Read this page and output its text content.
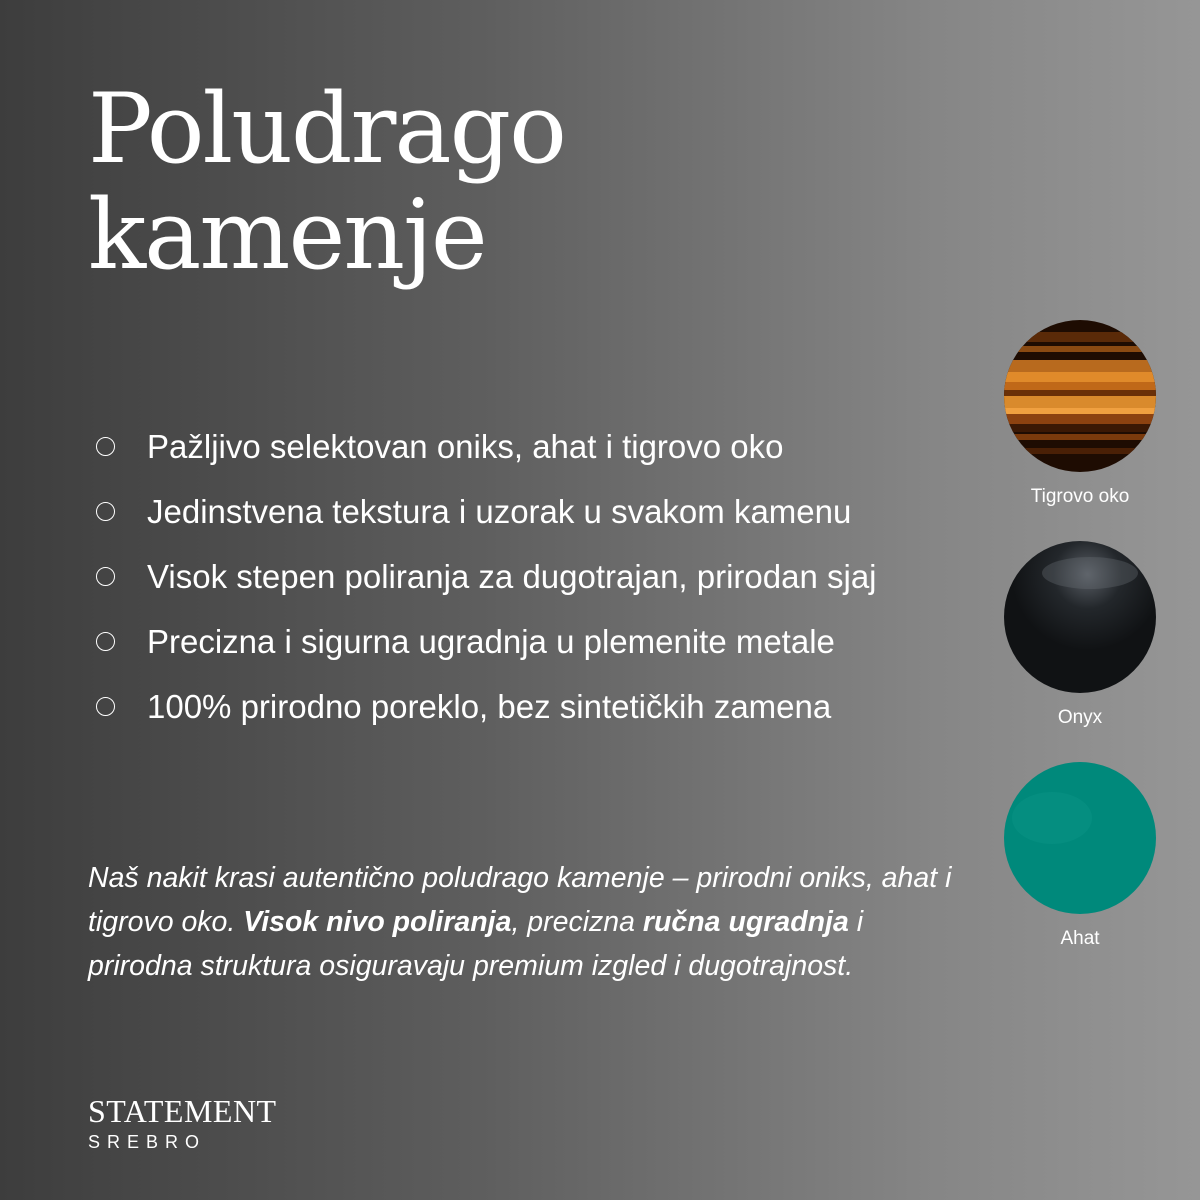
Poludrago
kamenje
Pažljivo selektovan oniks, ahat i tigrovo oko
Jedinstvena tekstura i uzorak u svakom kamenu
Visok stepen poliranja za dugotrajan, prirodan sjaj
Precizna i sigurna ugradnja u plemenite metale
100% prirodno poreklo, bez sintetičkih zamena

Naš nakit krasi autentično poludrago kamenje – prirodni oniks, ahat i tigrovo oko. Visok nivo poliranja, precizna ručna ugradnja i prirodna struktura osiguravaju premium izgled i dugotrajnost.

Tigrovo oko
Onyx
Ahat
STATEMENT
SREBRO
